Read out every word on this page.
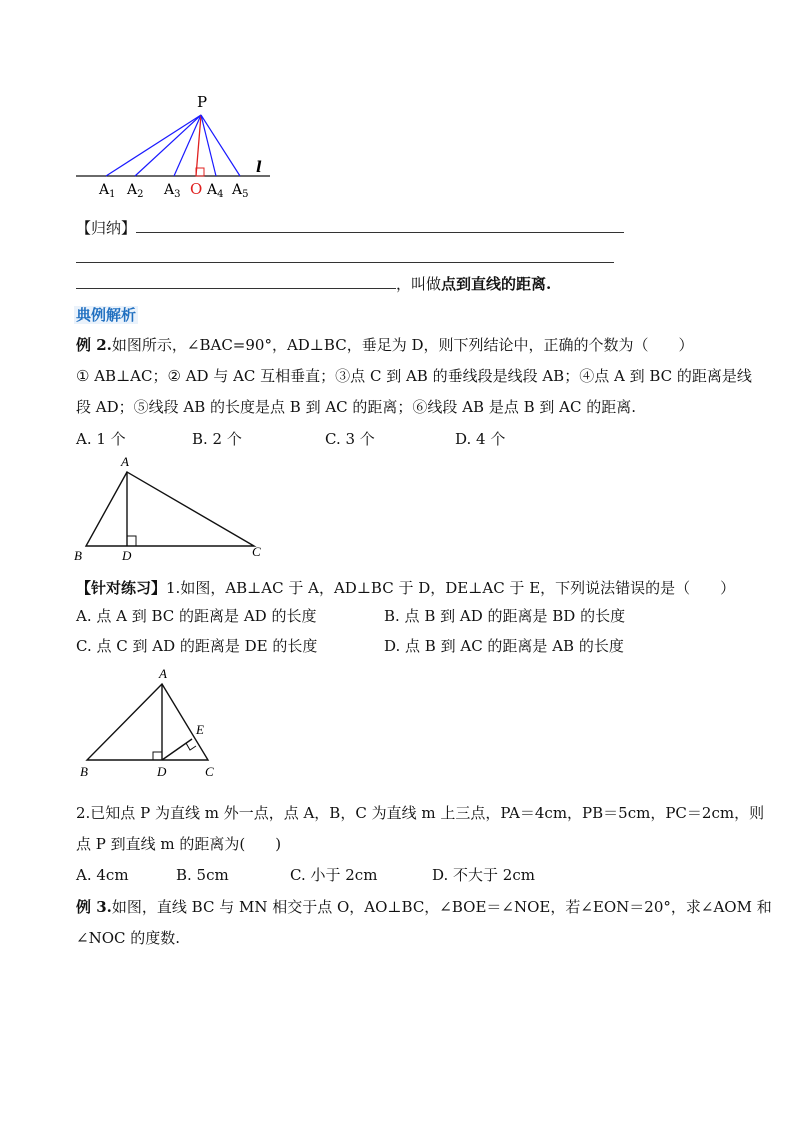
P
l
$A_1$ $A_2$ $A_3$ O $A_4$ $A_5$
【归纳】
，叫做点到直线的距离.
典例解析
例 2.如图所示，∠BAC=90°，AD⊥BC，垂足为 D，则下列结论中，正确的个数为（　　）
① AB⊥AC；② AD 与 AC 互相垂直；③点 C 到 AB 的垂线段是线段 AB；④点 A 到 BC 的距离是线
段 AD；⑤线段 AB 的长度是点 B 到 AC 的距离；⑥线段 AB 是点 B 到 AC 的距离.
A. 1 个	B. 2 个	C. 3 个	D. 4 个
A
B	D	C
【针对练习】1.如图，AB⊥AC 于 A，AD⊥BC 于 D，DE⊥AC 于 E，下列说法错误的是（　　）
A. 点 A 到 BC 的距离是 AD 的长度	B. 点 B 到 AD 的距离是 BD 的长度
C. 点 C 到 AD 的距离是 DE 的长度	D. 点 B 到 AC 的距离是 AB 的长度
A
E
B	D	C
2.已知点 P 为直线 m 外一点，点 A，B，C 为直线 m 上三点，PA＝4cm，PB＝5cm，PC＝2cm，则
点 P 到直线 m 的距离为(　　)
A. 4cm	B. 5cm	C. 小于 2cm	D. 不大于 2cm
例 3.如图，直线 BC 与 MN 相交于点 O，AO⊥BC，∠BOE＝∠NOE，若∠EON＝20°，求∠AOM 和
∠NOC 的度数.
